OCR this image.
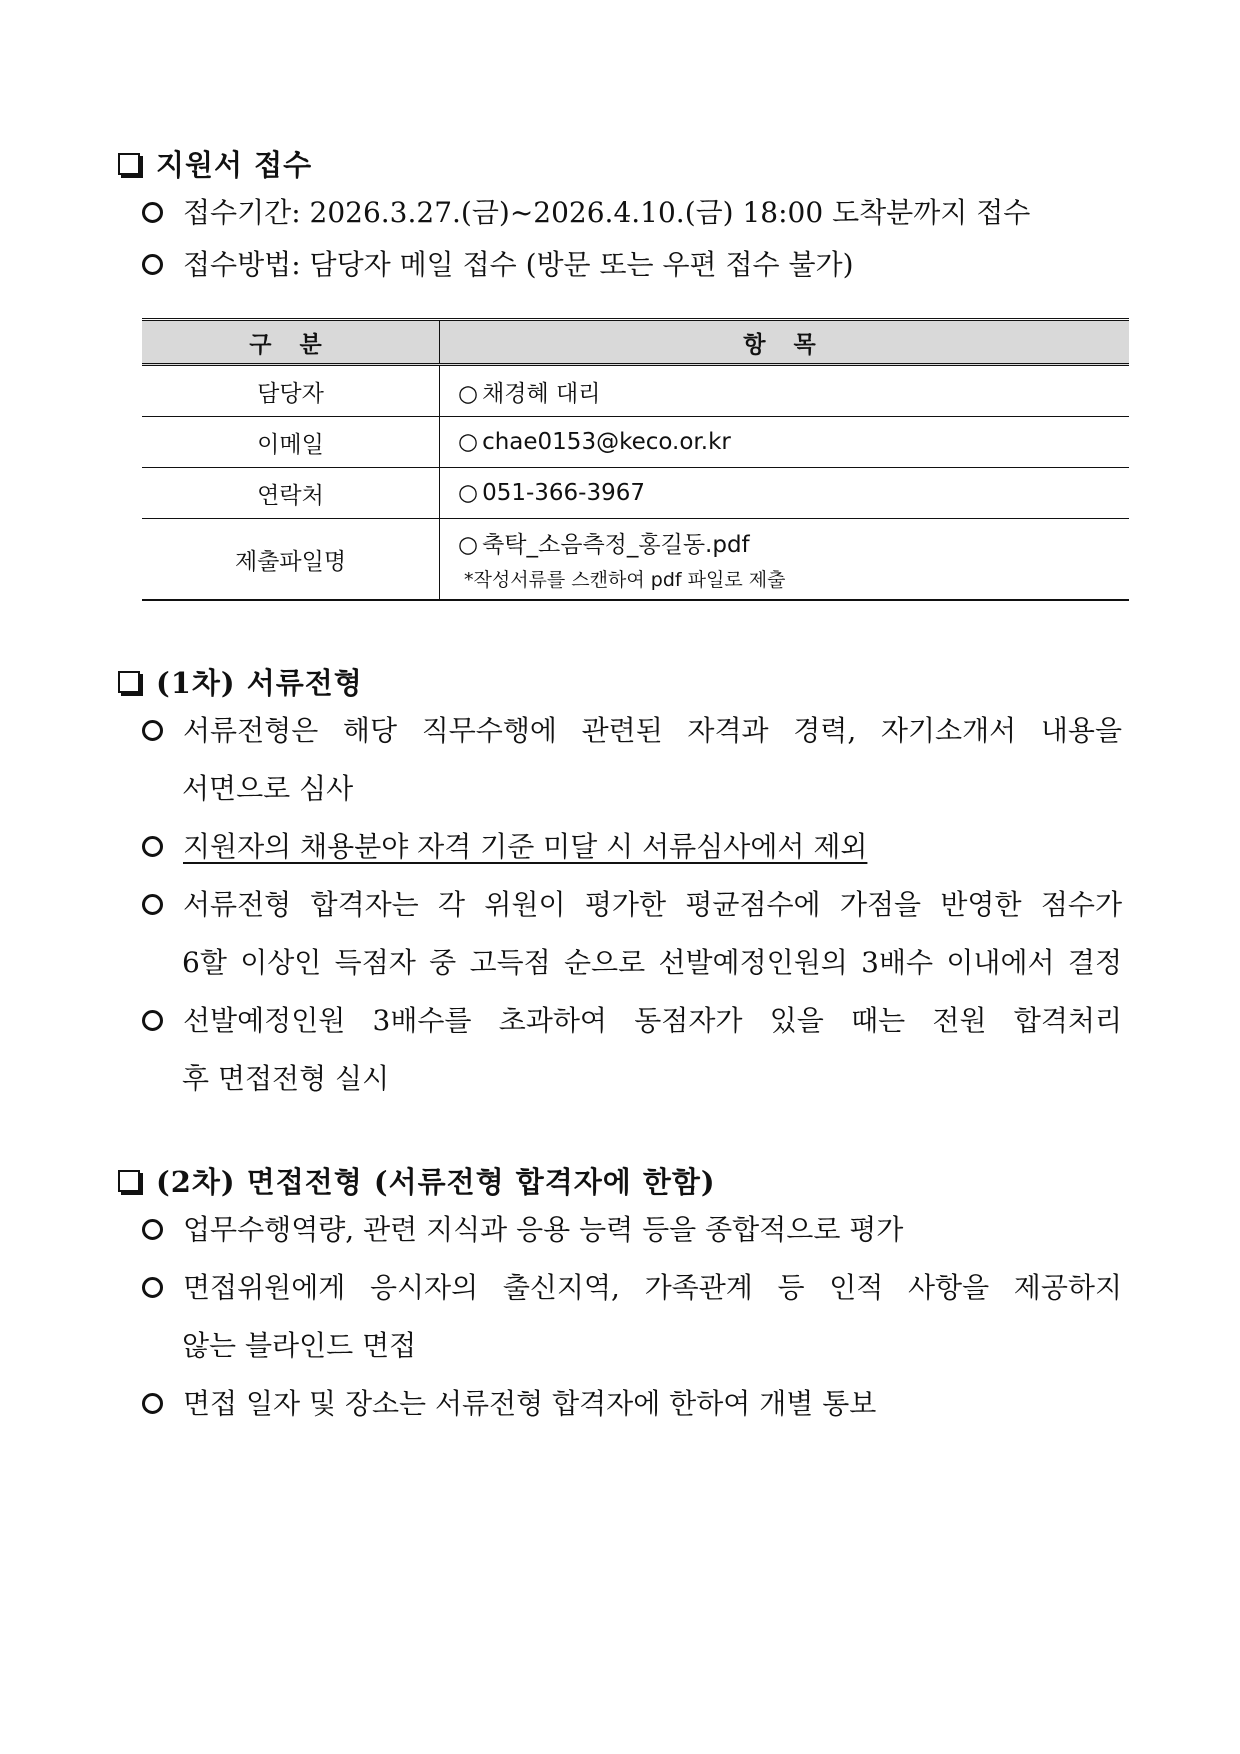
지원서 접수
접수기간: 2026.3.27.(금)~2026.4.10.(금) 18:00 도착분까지 접수
접수방법: 담당자 메일 접수 (방문 또는 우편 접수 불가)
구 분	항 목
담당자	○ 채경혜 대리
이메일	○ chae0153@keco.or.kr
연락처	○ 051-366-3967
제출파일명	○ 축탁_소음측정_홍길동.pdf
*작성서류를 스캔하여 pdf 파일로 제출
(1차) 서류전형
서류전형은 해당 직무수행에 관련된 자격과 경력, 자기소개서 내용을
서면으로 심사
지원자의 채용분야 자격 기준 미달 시 서류심사에서 제외
서류전형 합격자는 각 위원이 평가한 평균점수에 가점을 반영한 점수가
6할 이상인 득점자 중 고득점 순으로 선발예정인원의 3배수 이내에서 결정
선발예정인원 3배수를 초과하여 동점자가 있을 때는 전원 합격처리
후 면접전형 실시
(2차) 면접전형 (서류전형 합격자에 한함)
업무수행역량, 관련 지식과 응용 능력 등을 종합적으로 평가
면접위원에게 응시자의 출신지역, 가족관계 등 인적 사항을 제공하지
않는 블라인드 면접
면접 일자 및 장소는 서류전형 합격자에 한하여 개별 통보
